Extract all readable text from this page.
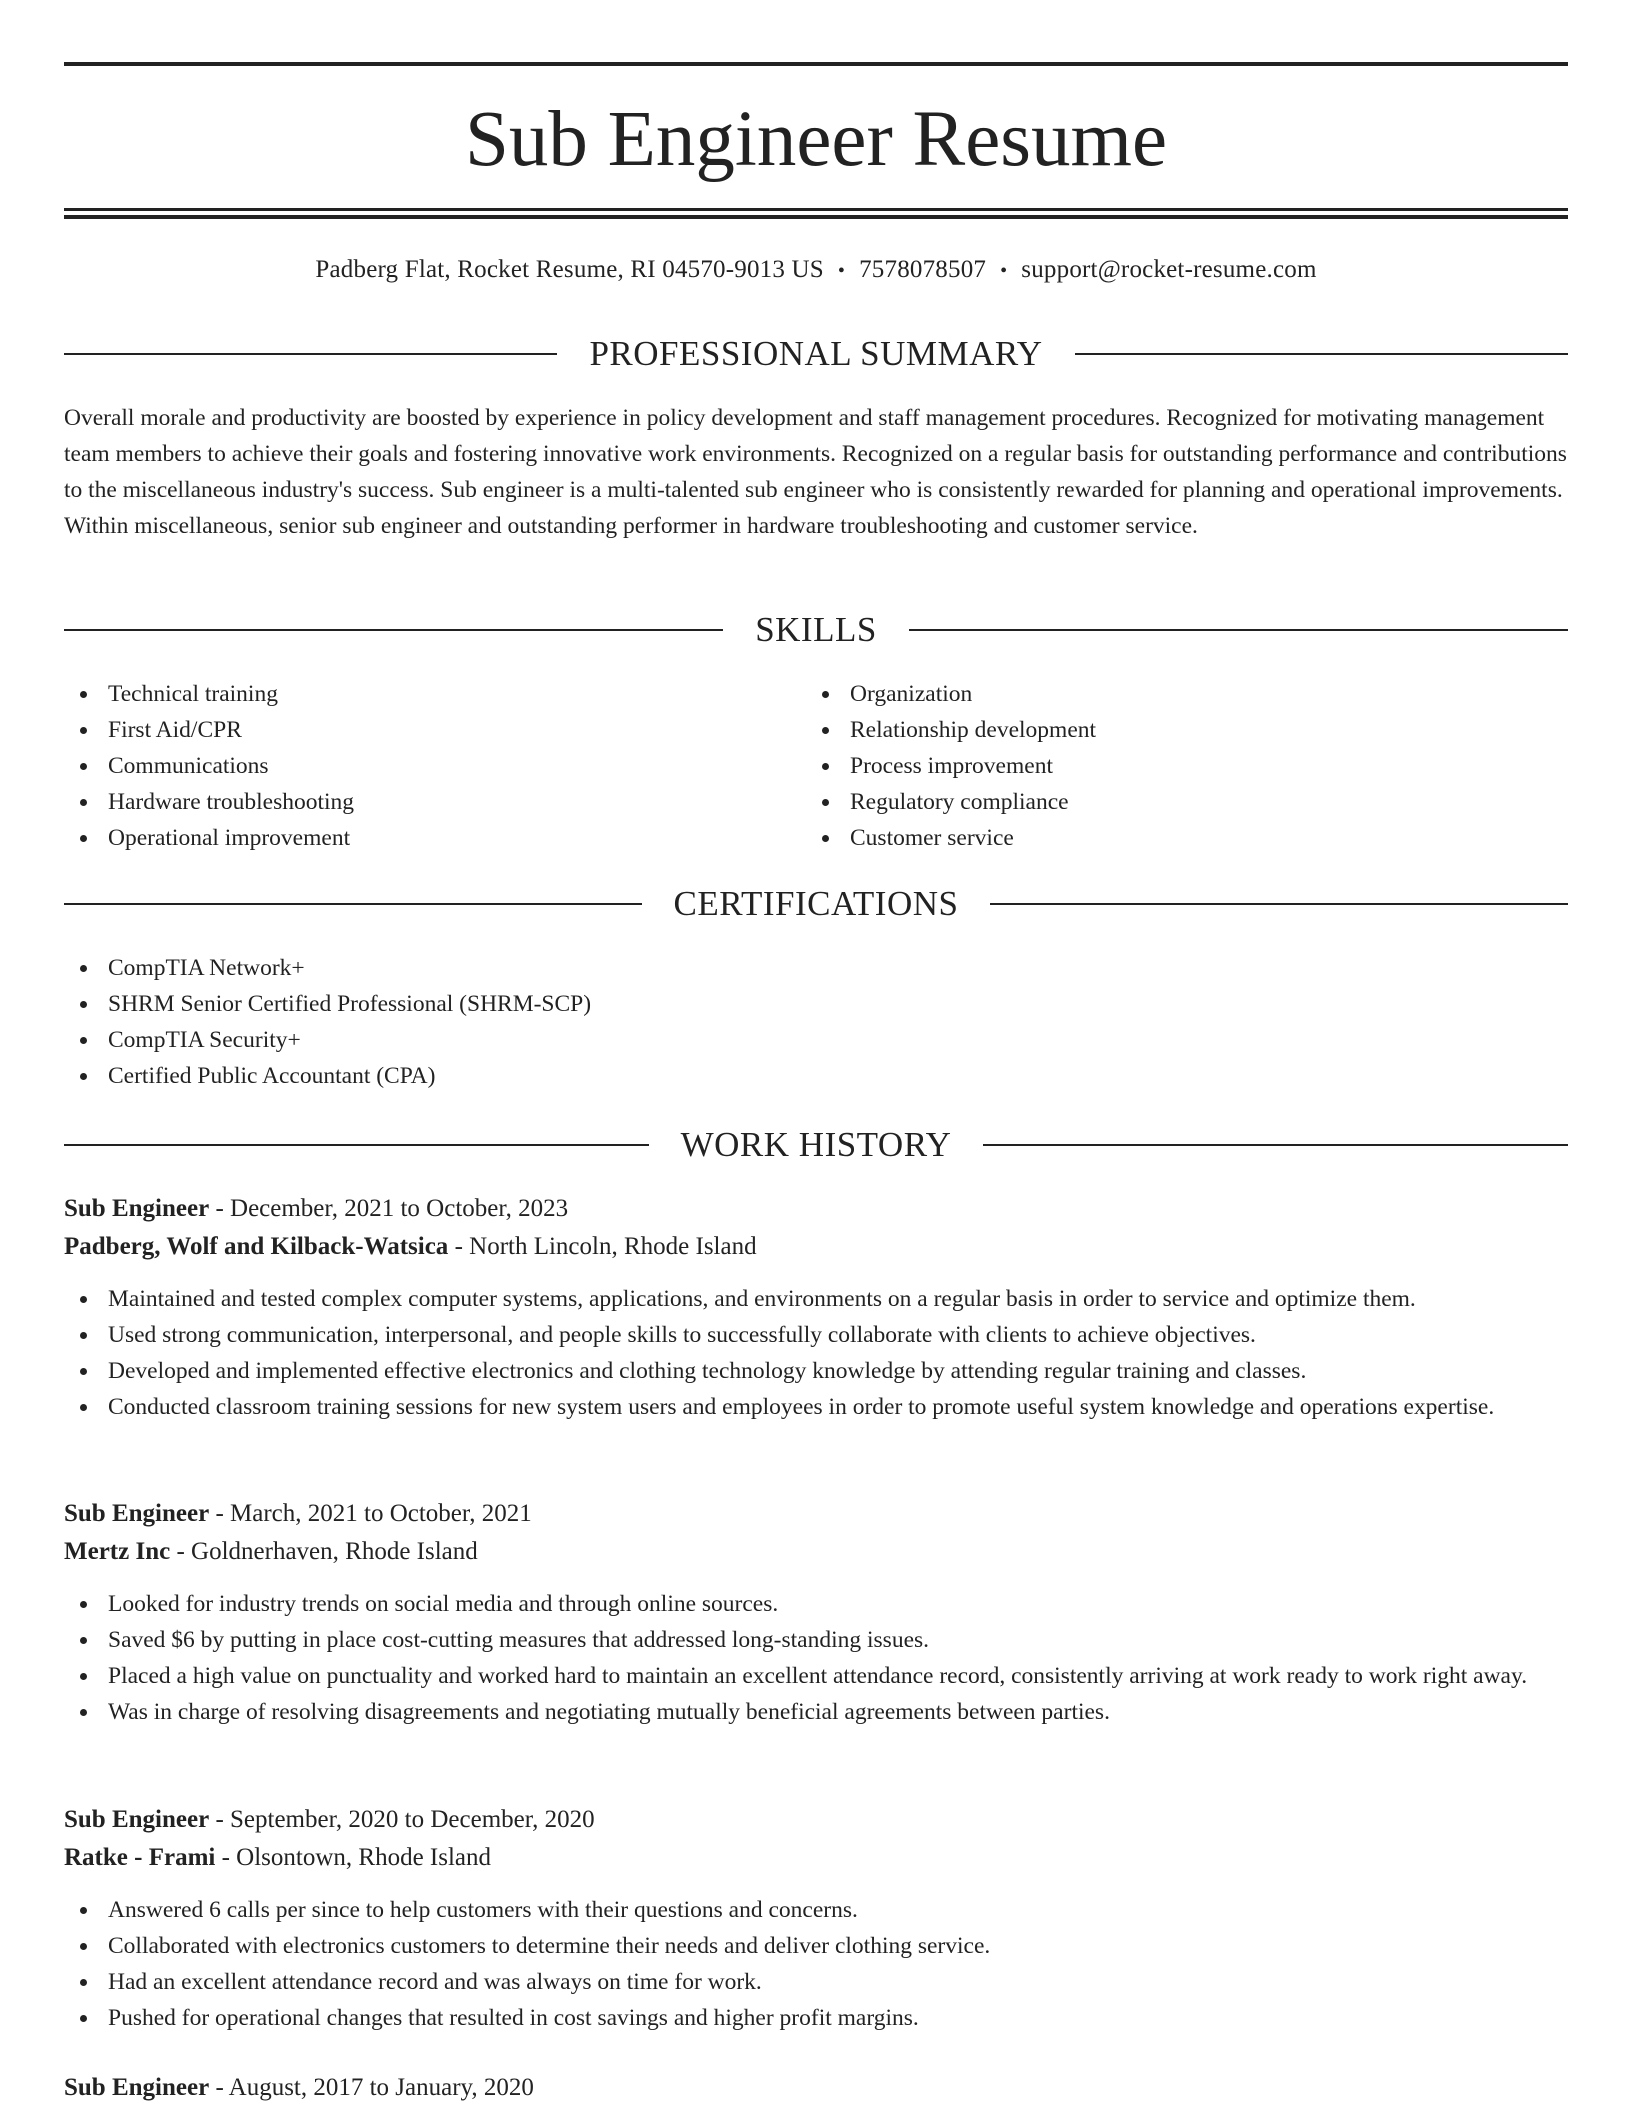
Sub Engineer Resume
Padberg Flat, Rocket Resume, RI 04570-9013 US • 7578078507 • support@rocket-resume.com
PROFESSIONAL SUMMARY

Overall morale and productivity are boosted by experience in policy development and staff management procedures. Recognized for motivating management team members to achieve their goals and fostering innovative work environments. Recognized on a regular basis for outstanding performance and contributions to the miscellaneous industry's success. Sub engineer is a multi-talented sub engineer who is consistently rewarded for planning and operational improvements. Within miscellaneous, senior sub engineer and outstanding performer in hardware troubleshooting and customer service.

SKILLS
Technical training
First Aid/CPR
Communications
Hardware troubleshooting
Operational improvement
Organization
Relationship development
Process improvement
Regulatory compliance
Customer service
CERTIFICATIONS
CompTIA Network+
SHRM Senior Certified Professional (SHRM-SCP)
CompTIA Security+
Certified Public Accountant (CPA)
WORK HISTORY
Sub Engineer - December, 2021 to October, 2023
Padberg, Wolf and Kilback-Watsica - North Lincoln, Rhode Island
Maintained and tested complex computer systems, applications, and environments on a regular basis in order to service and optimize them.
Used strong communication, interpersonal, and people skills to successfully collaborate with clients to achieve objectives.
Developed and implemented effective electronics and clothing technology knowledge by attending regular training and classes.
Conducted classroom training sessions for new system users and employees in order to promote useful system knowledge and operations expertise.
Sub Engineer - March, 2021 to October, 2021
Mertz Inc - Goldnerhaven, Rhode Island
Looked for industry trends on social media and through online sources.
Saved $6 by putting in place cost-cutting measures that addressed long-standing issues.
Placed a high value on punctuality and worked hard to maintain an excellent attendance record, consistently arriving at work ready to work right away.
Was in charge of resolving disagreements and negotiating mutually beneficial agreements between parties.
Sub Engineer - September, 2020 to December, 2020
Ratke - Frami - Olsontown, Rhode Island
Answered 6 calls per since to help customers with their questions and concerns.
Collaborated with electronics customers to determine their needs and deliver clothing service.
Had an excellent attendance record and was always on time for work.
Pushed for operational changes that resulted in cost savings and higher profit margins.
Sub Engineer - August, 2017 to January, 2020
